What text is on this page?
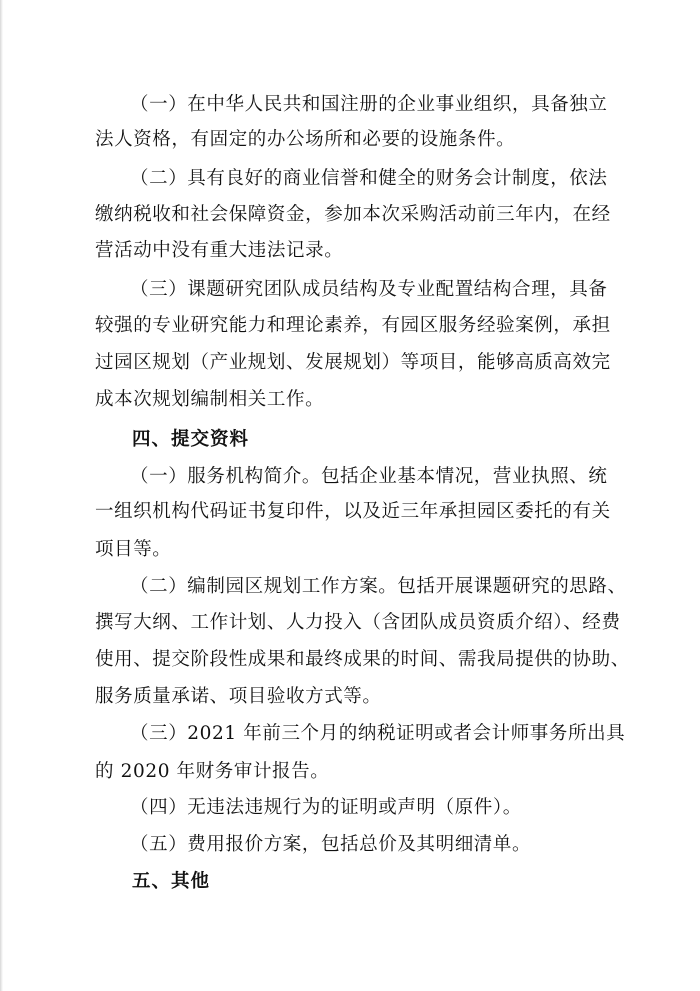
（一）在中华人民共和国注册的企业事业组织，具备独立
法人资格，有固定的办公场所和必要的设施条件。
（二）具有良好的商业信誉和健全的财务会计制度，依法
缴纳税收和社会保障资金，参加本次采购活动前三年内，在经
营活动中没有重大违法记录。
（三）课题研究团队成员结构及专业配置结构合理，具备
较强的专业研究能力和理论素养，有园区服务经验案例，承担
过园区规划（产业规划、发展规划）等项目，能够高质高效完
成本次规划编制相关工作。
四、提交资料
（一）服务机构简介。包括企业基本情况，营业执照、统
一组织机构代码证书复印件，以及近三年承担园区委托的有关
项目等。
（二）编制园区规划工作方案。包括开展课题研究的思路、
撰写大纲、工作计划、人力投入（含团队成员资质介绍）、经费
使用、提交阶段性成果和最终成果的时间、需我局提供的协助、
服务质量承诺、项目验收方式等。
（三）2021 年前三个月的纳税证明或者会计师事务所出具
的 2020 年财务审计报告。
（四）无违法违规行为的证明或声明（原件）。
（五）费用报价方案，包括总价及其明细清单。
五、其他
